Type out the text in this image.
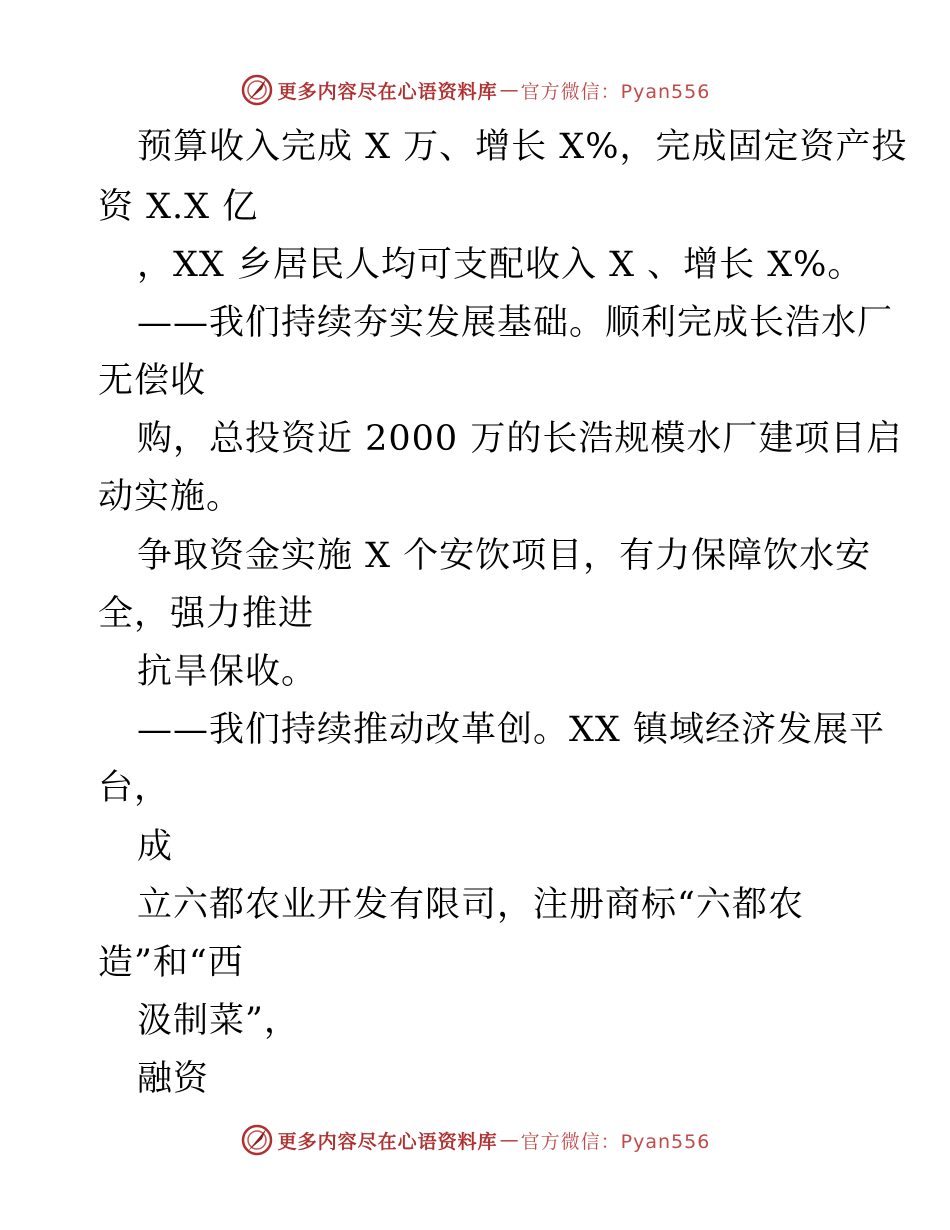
更多内容尽在心语资料库 — 官方微信：Pyan556
预算收入完成 X 万、增长 X%，完成固定资产投
资 X.X 亿
，XX 乡居民人均可支配收入 X 、增长 X%。
——我们持续夯实发展基础。顺利完成长浩水厂
无偿收
购，总投资近 2000 万的长浩规模水厂建项目启
动实施。
争取资金实施 X 个安饮项目，有力保障饮水安
全，强力推进
抗旱保收。
——我们持续推动改革创。XX 镇域经济发展平
台，
成
立六都农业开发有限司，注册商标“六都农
造”和“西
汲制菜”，
融资
更多内容尽在心语资料库 — 官方微信：Pyan556
